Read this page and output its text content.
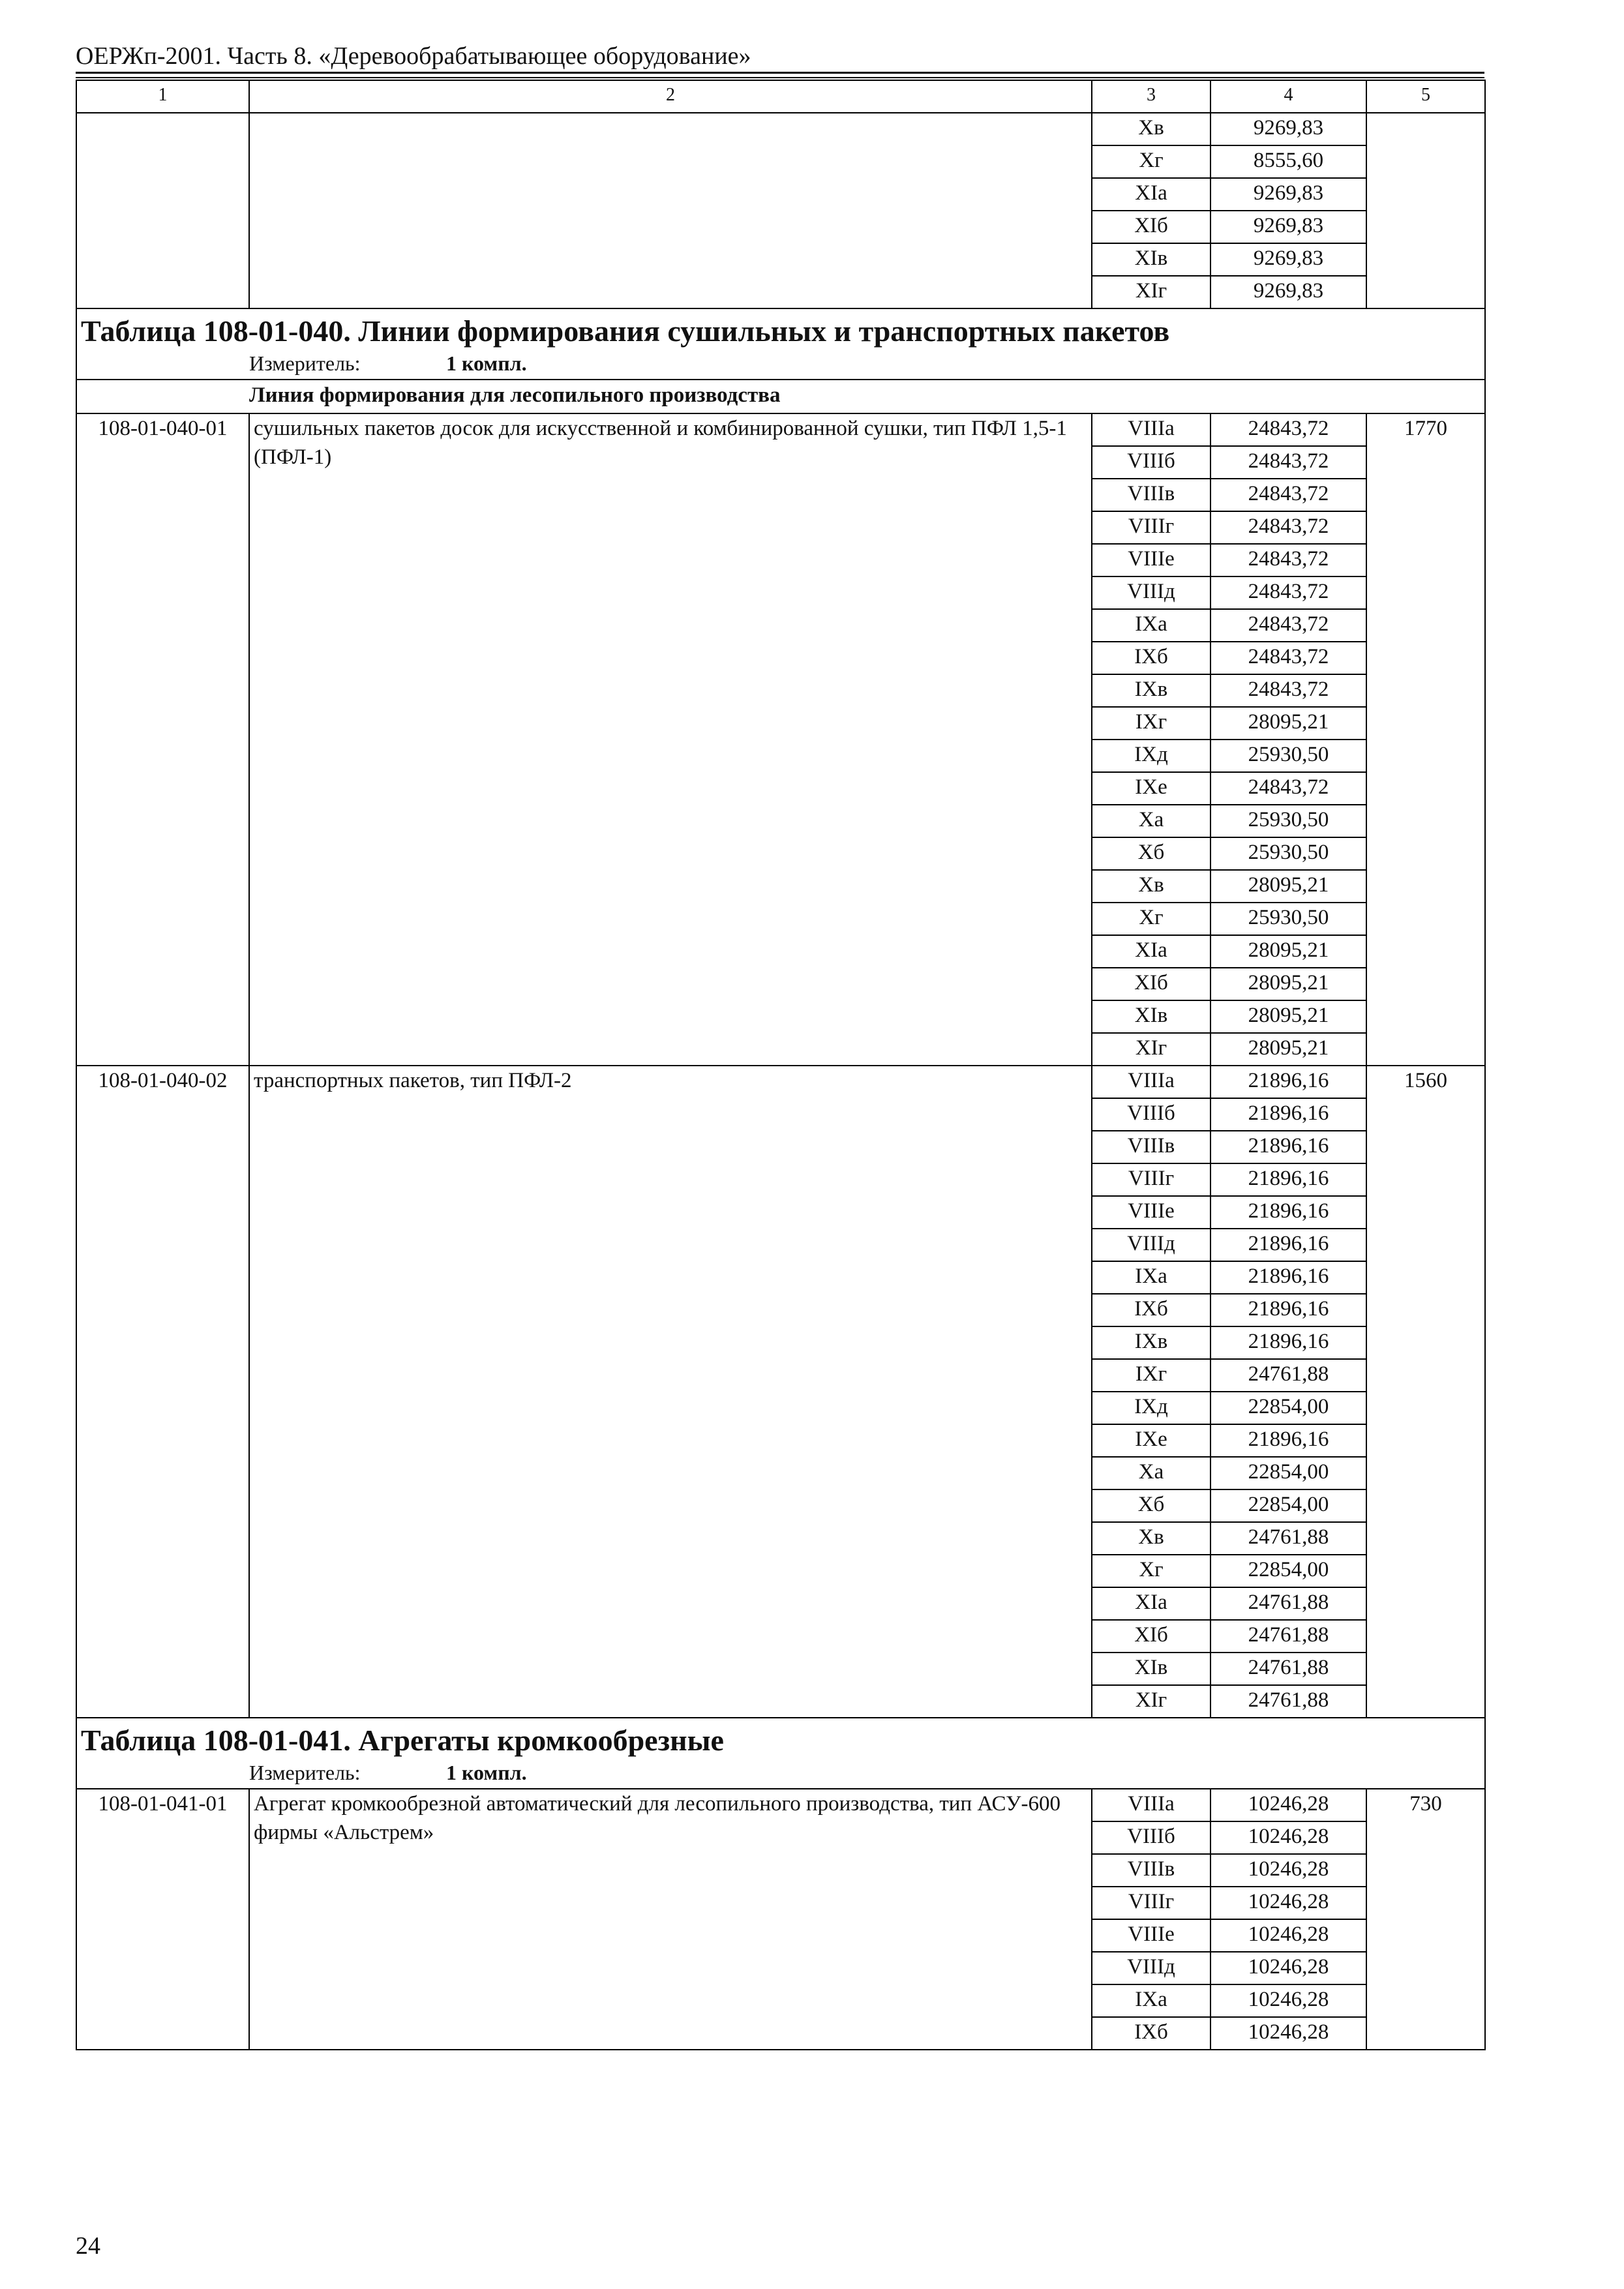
ОЕРЖп-2001. Часть 8. «Деревообрабатывающее оборудование»
1	2	3	4	5
		Хв	9269,83	
		Хг	8555,60	
		ХIа	9269,83	
		ХIб	9269,83	
		ХIв	9269,83	
		ХIг	9269,83	
Таблица 108-01-040. Линии формирования сушильных и транспортных пакетов				
Измеритель: 1 компл.				
Линия формирования для лесопильного производства				
108-01-040-01	сушильных пакетов досок для искусственной и комбинированной сушки, тип ПФЛ 1,5-1 (ПФЛ-1)	VIIIа	24843,72	1770
		VIIIб	24843,72	
		VIIIв	24843,72	
		VIIIг	24843,72	
		VIIIе	24843,72	
		VIIIд	24843,72	
		IХа	24843,72	
		IХб	24843,72	
		IХв	24843,72	
		IХг	28095,21	
		IХд	25930,50	
		IХе	24843,72	
		Ха	25930,50	
		Хб	25930,50	
		Хв	28095,21	
		Хг	25930,50	
		ХIа	28095,21	
		ХIб	28095,21	
		ХIв	28095,21	
		ХIг	28095,21	
108-01-040-02	транспортных пакетов, тип ПФЛ-2	VIIIа	21896,16	1560
		VIIIб	21896,16	
		VIIIв	21896,16	
		VIIIг	21896,16	
		VIIIе	21896,16	
		VIIIд	21896,16	
		IХа	21896,16	
		IХб	21896,16	
		IХв	21896,16	
		IХг	24761,88	
		IХд	22854,00	
		IХе	21896,16	
		Ха	22854,00	
		Хб	22854,00	
		Хв	24761,88	
		Хг	22854,00	
		ХIа	24761,88	
		ХIб	24761,88	
		ХIв	24761,88	
		ХIг	24761,88	
Таблица 108-01-041. Агрегаты кромкообрезные				
Измеритель: 1 компл.				
108-01-041-01	Агрегат кромкообрезной автоматический для лесопильного производства, тип АСУ-600 фирмы «Альстрем»	VIIIа	10246,28	730
		VIIIб	10246,28	
		VIIIв	10246,28	
		VIIIг	10246,28	
		VIIIе	10246,28	
		VIIIд	10246,28	
		IХа	10246,28	
		IХб	10246,28	
24
